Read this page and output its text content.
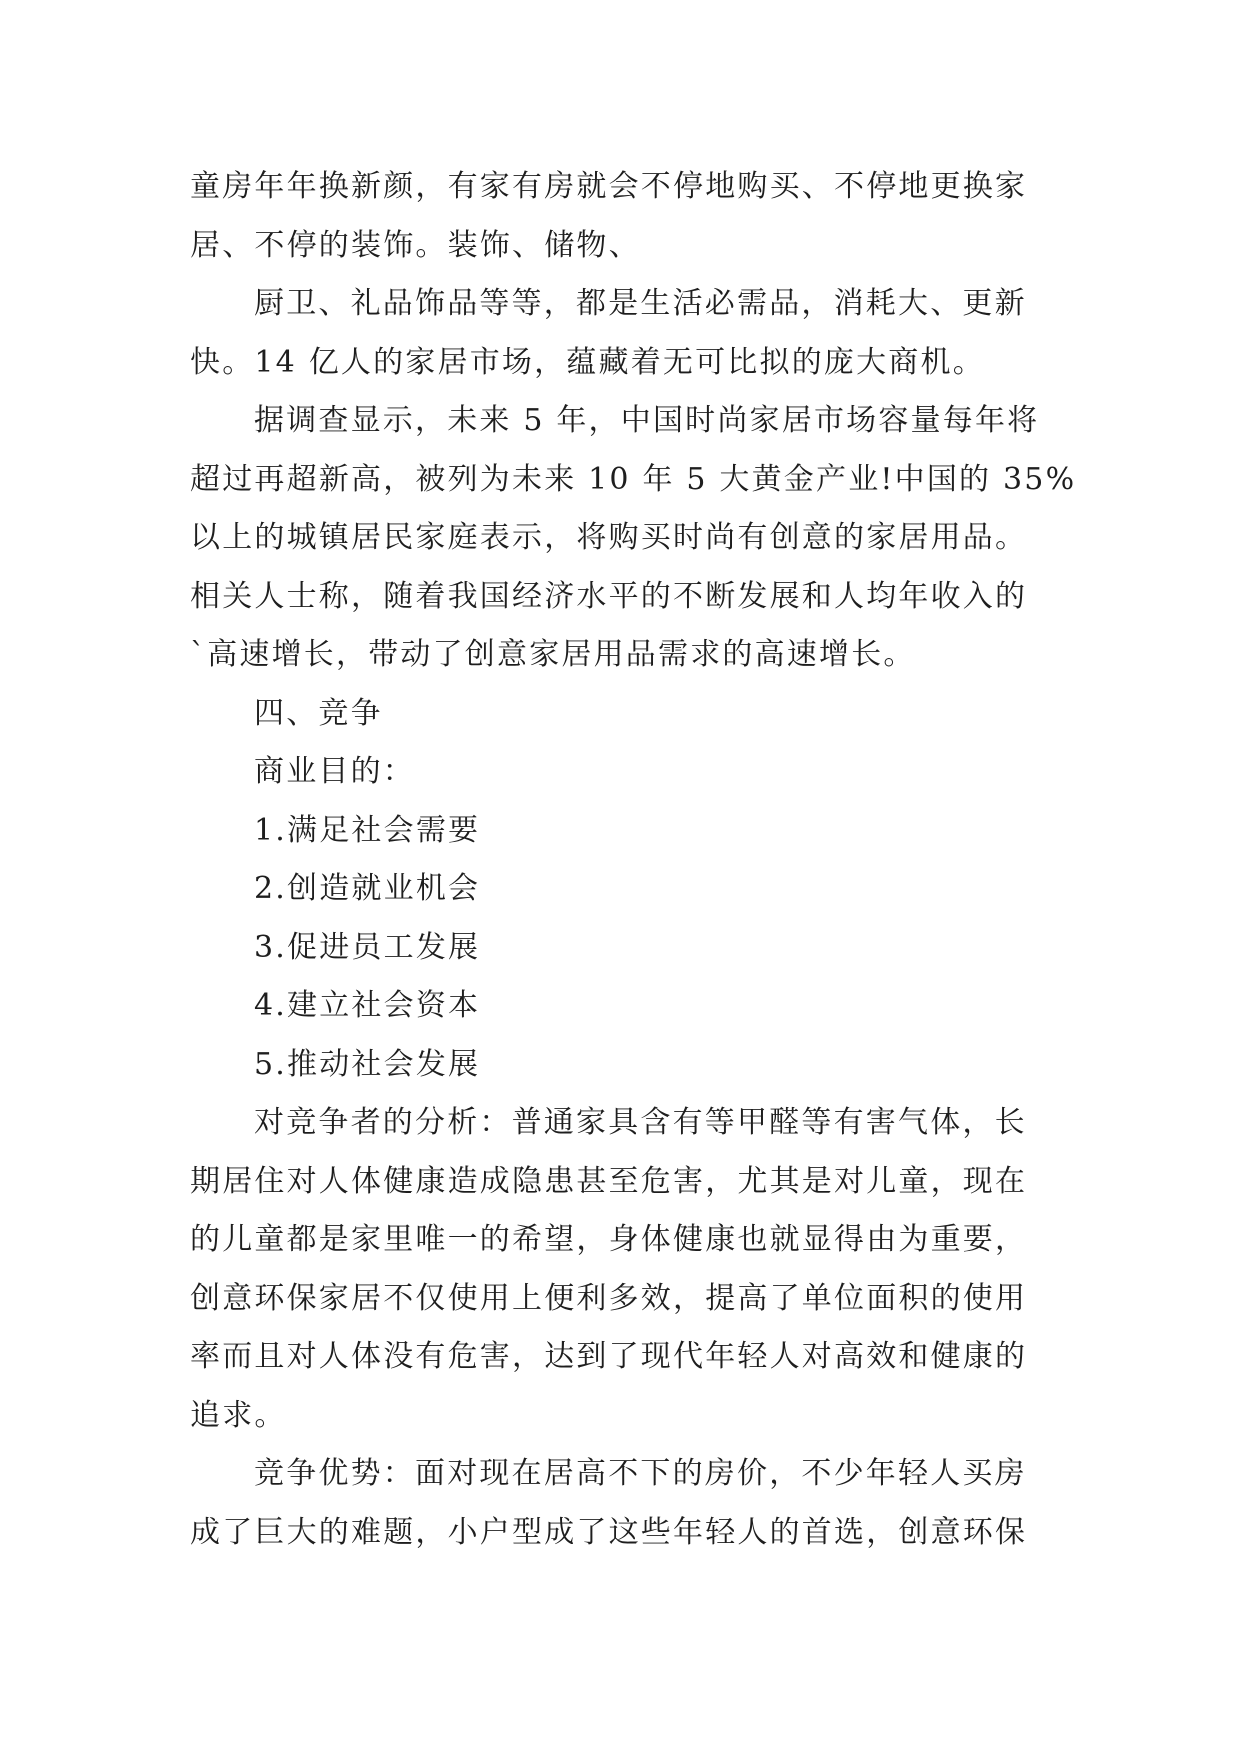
童房年年换新颜，有家有房就会不停地购买、不停地更换家
居、不停的装饰。装饰、储物、
厨卫、礼品饰品等等，都是生活必需品，消耗大、更新
快。14 亿人的家居市场，蕴藏着无可比拟的庞大商机。
据调查显示，未来 5 年，中国时尚家居市场容量每年将
超过再超新高，被列为未来 10 年 5 大黄金产业!中国的 35%
以上的城镇居民家庭表示，将购买时尚有创意的家居用品。
相关人士称，随着我国经济水平的不断发展和人均年收入的
`高速增长，带动了创意家居用品需求的高速增长。
四、竞争
商业目的：
1.满足社会需要
2.创造就业机会
3.促进员工发展
4.建立社会资本
5.推动社会发展
对竞争者的分析：普通家具含有等甲醛等有害气体，长
期居住对人体健康造成隐患甚至危害，尤其是对儿童，现在
的儿童都是家里唯一的希望，身体健康也就显得由为重要，
创意环保家居不仅使用上便利多效，提高了单位面积的使用
率而且对人体没有危害，达到了现代年轻人对高效和健康的
追求。
竞争优势：面对现在居高不下的房价，不少年轻人买房
成了巨大的难题，小户型成了这些年轻人的首选，创意环保
